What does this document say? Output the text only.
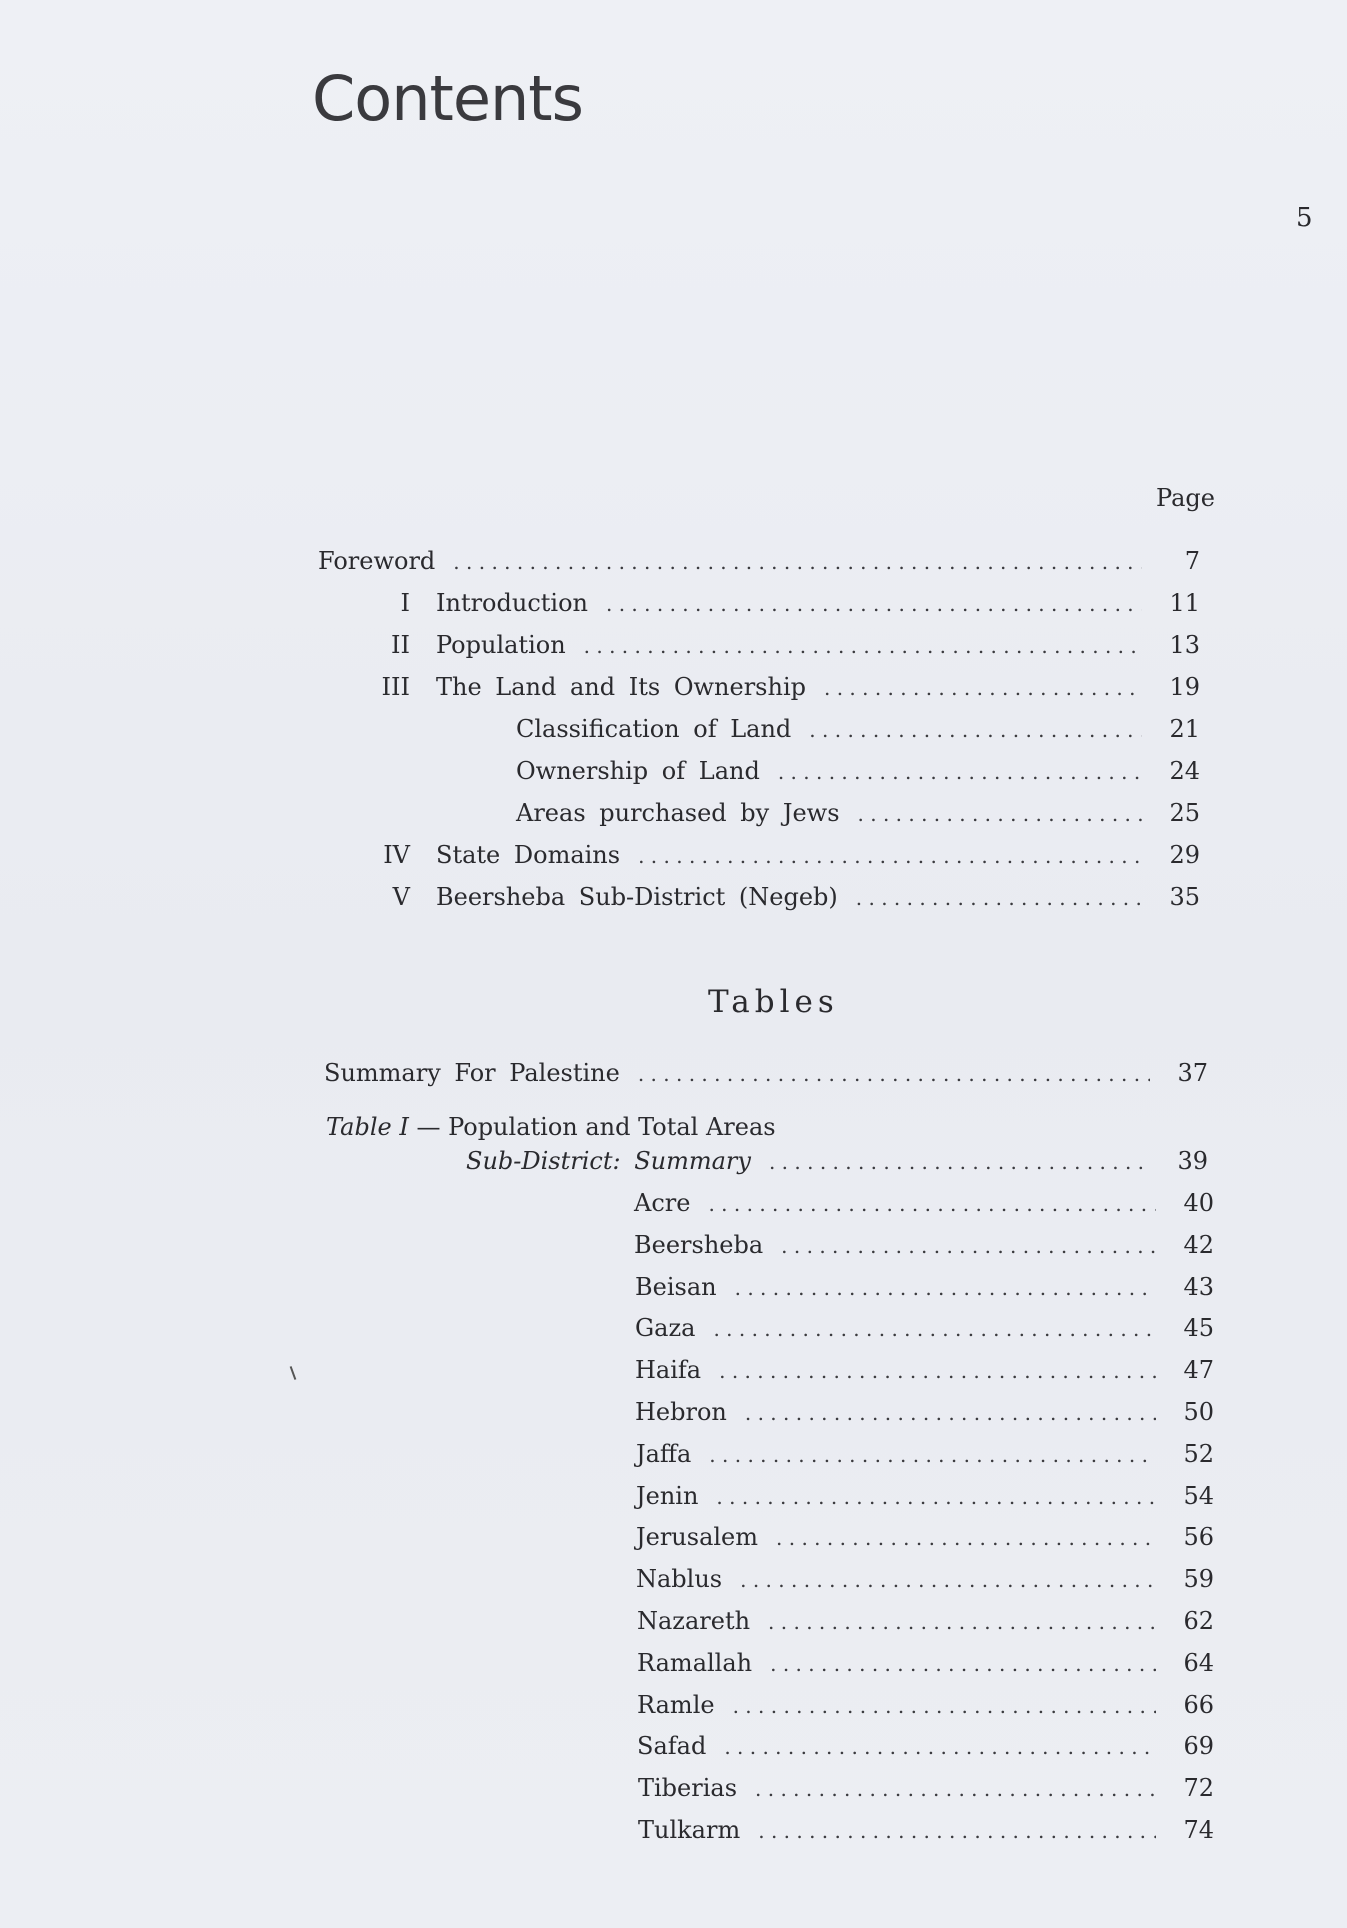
Contents
5
Page
Foreword . . .	7
I Introduction . . .	11
II Population . . .	13
III The Land and Its Ownership . . .	19
Classification of Land . . .	21
Ownership of Land . . .	24
Areas purchased by Jews . . .	25
IV State Domains . . .	29
V Beersheba Sub-District (Negeb) . . .	35
Tables
Summary For Palestine . . .	37
Table I — Population and Total Areas
Sub-District: Summary . . .	39
Acre . . .	40
Beersheba . . .	42
Beisan . . .	43
Gaza . . .	45
Haifa . . .	47
Hebron . . .	50
Jaffa . . .	52
Jenin . . .	54
Jerusalem . . .	56
Nablus . . .	59
Nazareth . . .	62
Ramallah . . .	64
Ramle . . .	66
Safad . . .	69
Tiberias . . .	72
Tulkarm . . .	74
